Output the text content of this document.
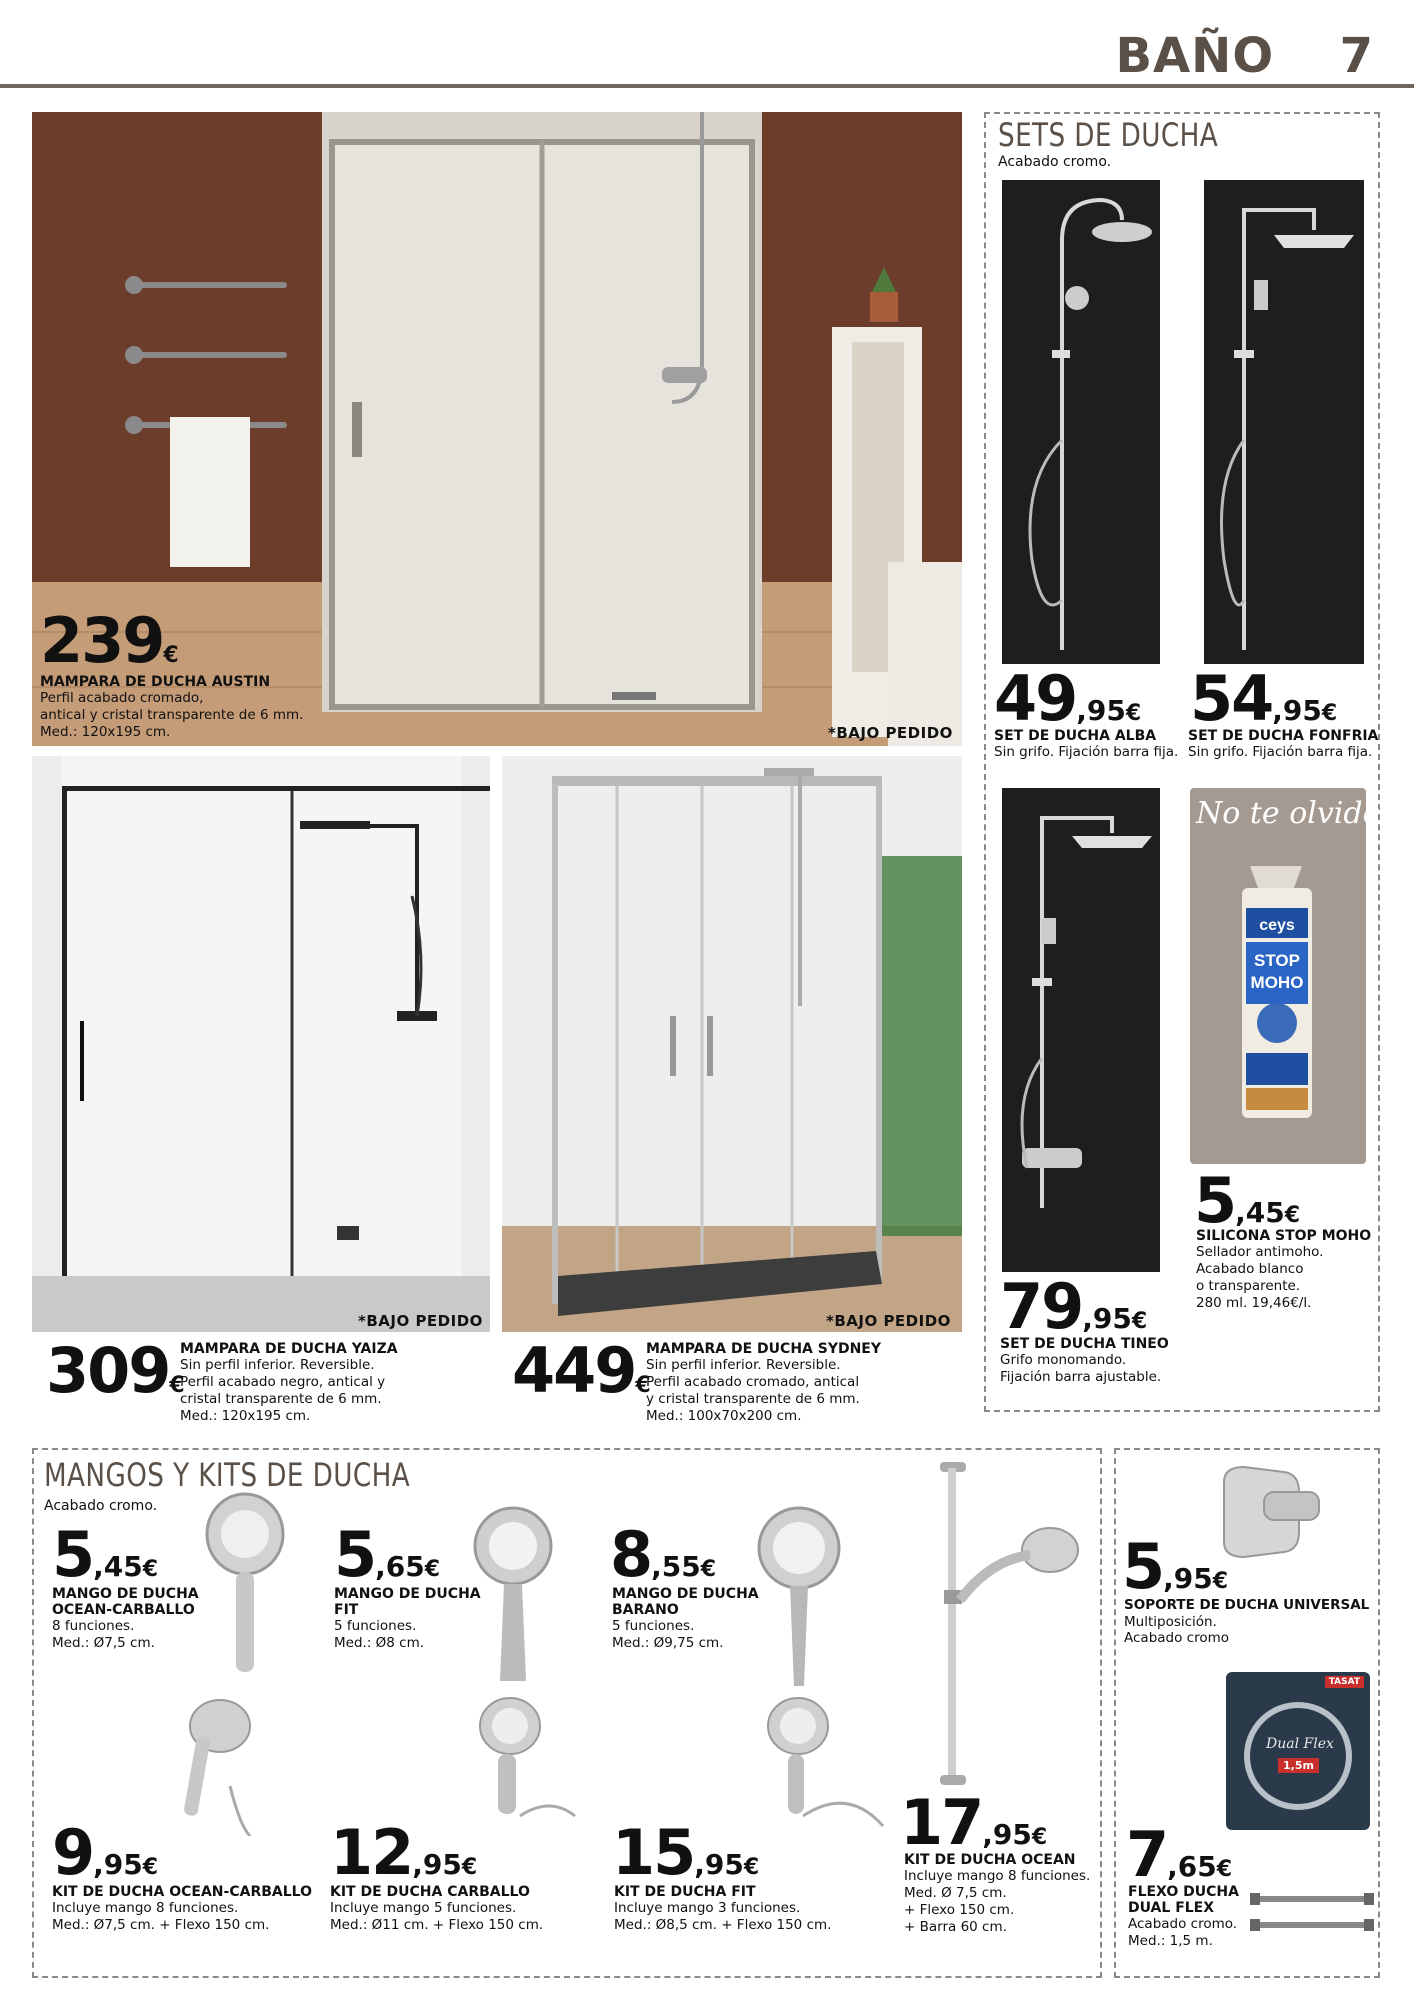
BAÑO 7
239€
MAMPARA DE DUCHA AUSTIN
Perfil acabado cromado,
antical y cristal transparente de 6 mm.
Med.: 120x195 cm.	*BAJO PEDIDO
*BAJO PEDIDO
309€
MAMPARA DE DUCHA YAIZA
Sin perfil inferior. Reversible.
Perfil acabado negro, antical y
cristal transparente de 6 mm.
Med.: 120x195 cm.
*BAJO PEDIDO
449€
MAMPARA DE DUCHA SYDNEY
Sin perfil inferior. Reversible.
Perfil acabado cromado, antical
y cristal transparente de 6 mm.
Med.: 100x70x200 cm.
SETS DE DUCHA
Acabado cromo.
49,95€
SET DE DUCHA ALBA
Sin grifo. Fijación barra fija.
54,95€
SET DE DUCHA FONFRIA
Sin grifo. Fijación barra fija.
79,95€
SET DE DUCHA TINEO
Grifo monomando.
Fijación barra ajustable.
No te olvides
ceys
STOP
MOHO
5,45€
SILICONA STOP MOHO
Sellador antimoho.
Acabado blanco
o transparente.
280 ml. 19,46€/l.
MANGOS Y KITS DE DUCHA
Acabado cromo.
5,45€
MANGO DE DUCHA
OCEAN-CARBALLO
8 funciones.
Med.: Ø7,5 cm.
5,65€
MANGO DE DUCHA
FIT
5 funciones.
Med.: Ø8 cm.
8,55€
MANGO DE DUCHA
BARANO
5 funciones.
Med.: Ø9,75 cm.
9,95€
KIT DE DUCHA OCEAN-CARBALLO
Incluye mango 8 funciones.
Med.: Ø7,5 cm. + Flexo 150 cm.
12,95€
KIT DE DUCHA CARBALLO
Incluye mango 5 funciones.
Med.: Ø11 cm. + Flexo 150 cm.
15,95€
KIT DE DUCHA FIT
Incluye mango 3 funciones.
Med.: Ø8,5 cm. + Flexo 150 cm.
17,95€
KIT DE DUCHA OCEAN
Incluye mango 8 funciones.
Med. Ø 7,5 cm.
+ Flexo 150 cm.
+ Barra 60 cm.
5,95€
SOPORTE DE DUCHA UNIVERSAL
Multiposición.
Acabado cromo
TASAT
Dual Flex
1,5m
7,65€
FLEXO DUCHA
DUAL FLEX
Acabado cromo.
Med.: 1,5 m.
